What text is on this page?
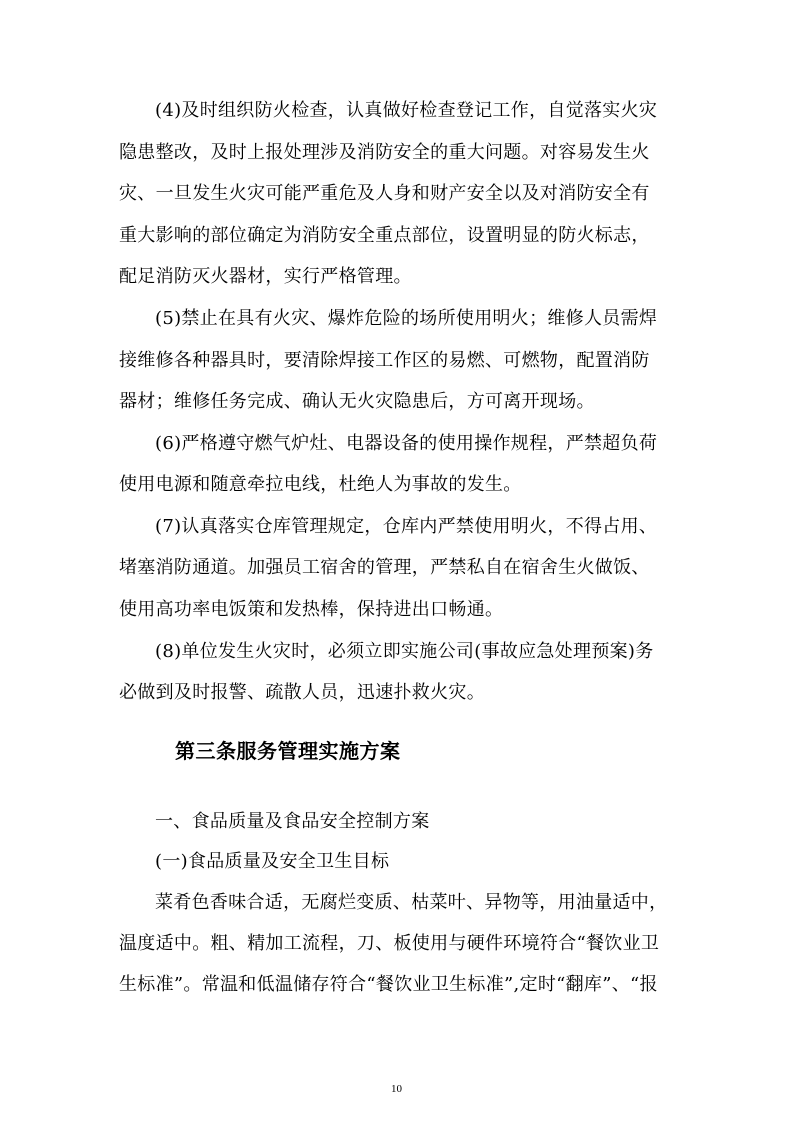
(4)及时组织防火检查，认真做好检查登记工作，自觉落实火灾
隐患整改，及时上报处理涉及消防安全的重大问题。对容易发生火
灾、一旦发生火灾可能严重危及人身和财产安全以及对消防安全有
重大影响的部位确定为消防安全重点部位，设置明显的防火标志，
配足消防灭火器材，实行严格管理。
(5)禁止在具有火灾、爆炸危险的场所使用明火；维修人员需焊
接维修各种器具时，要清除焊接工作区的易燃、可燃物，配置消防
器材；维修任务完成、确认无火灾隐患后，方可离开现场。
(6)严格遵守燃气炉灶、电器设备的使用操作规程，严禁超负荷
使用电源和随意牵拉电线，杜绝人为事故的发生。
(7)认真落实仓库管理规定，仓库内严禁使用明火，不得占用、
堵塞消防通道。加强员工宿舍的管理，严禁私自在宿舍生火做饭、
使用高功率电饭策和发热棒，保持进出口畅通。
(8)单位发生火灾时，必须立即实施公司(事故应急处理预案)务
必做到及时报警、疏散人员，迅速扑救火灾。
第三条服务管理实施方案
一、食品质量及食品安全控制方案
(一)食品质量及安全卫生目标
菜肴色香味合适，无腐烂变质、枯菜叶、异物等，用油量适中，
温度适中。粗、精加工流程，刀、板使用与硬件环境符合“餐饮业卫
生标准”。常温和低温储存符合“餐饮业卫生标准”,定时“翻库”、“报
10
